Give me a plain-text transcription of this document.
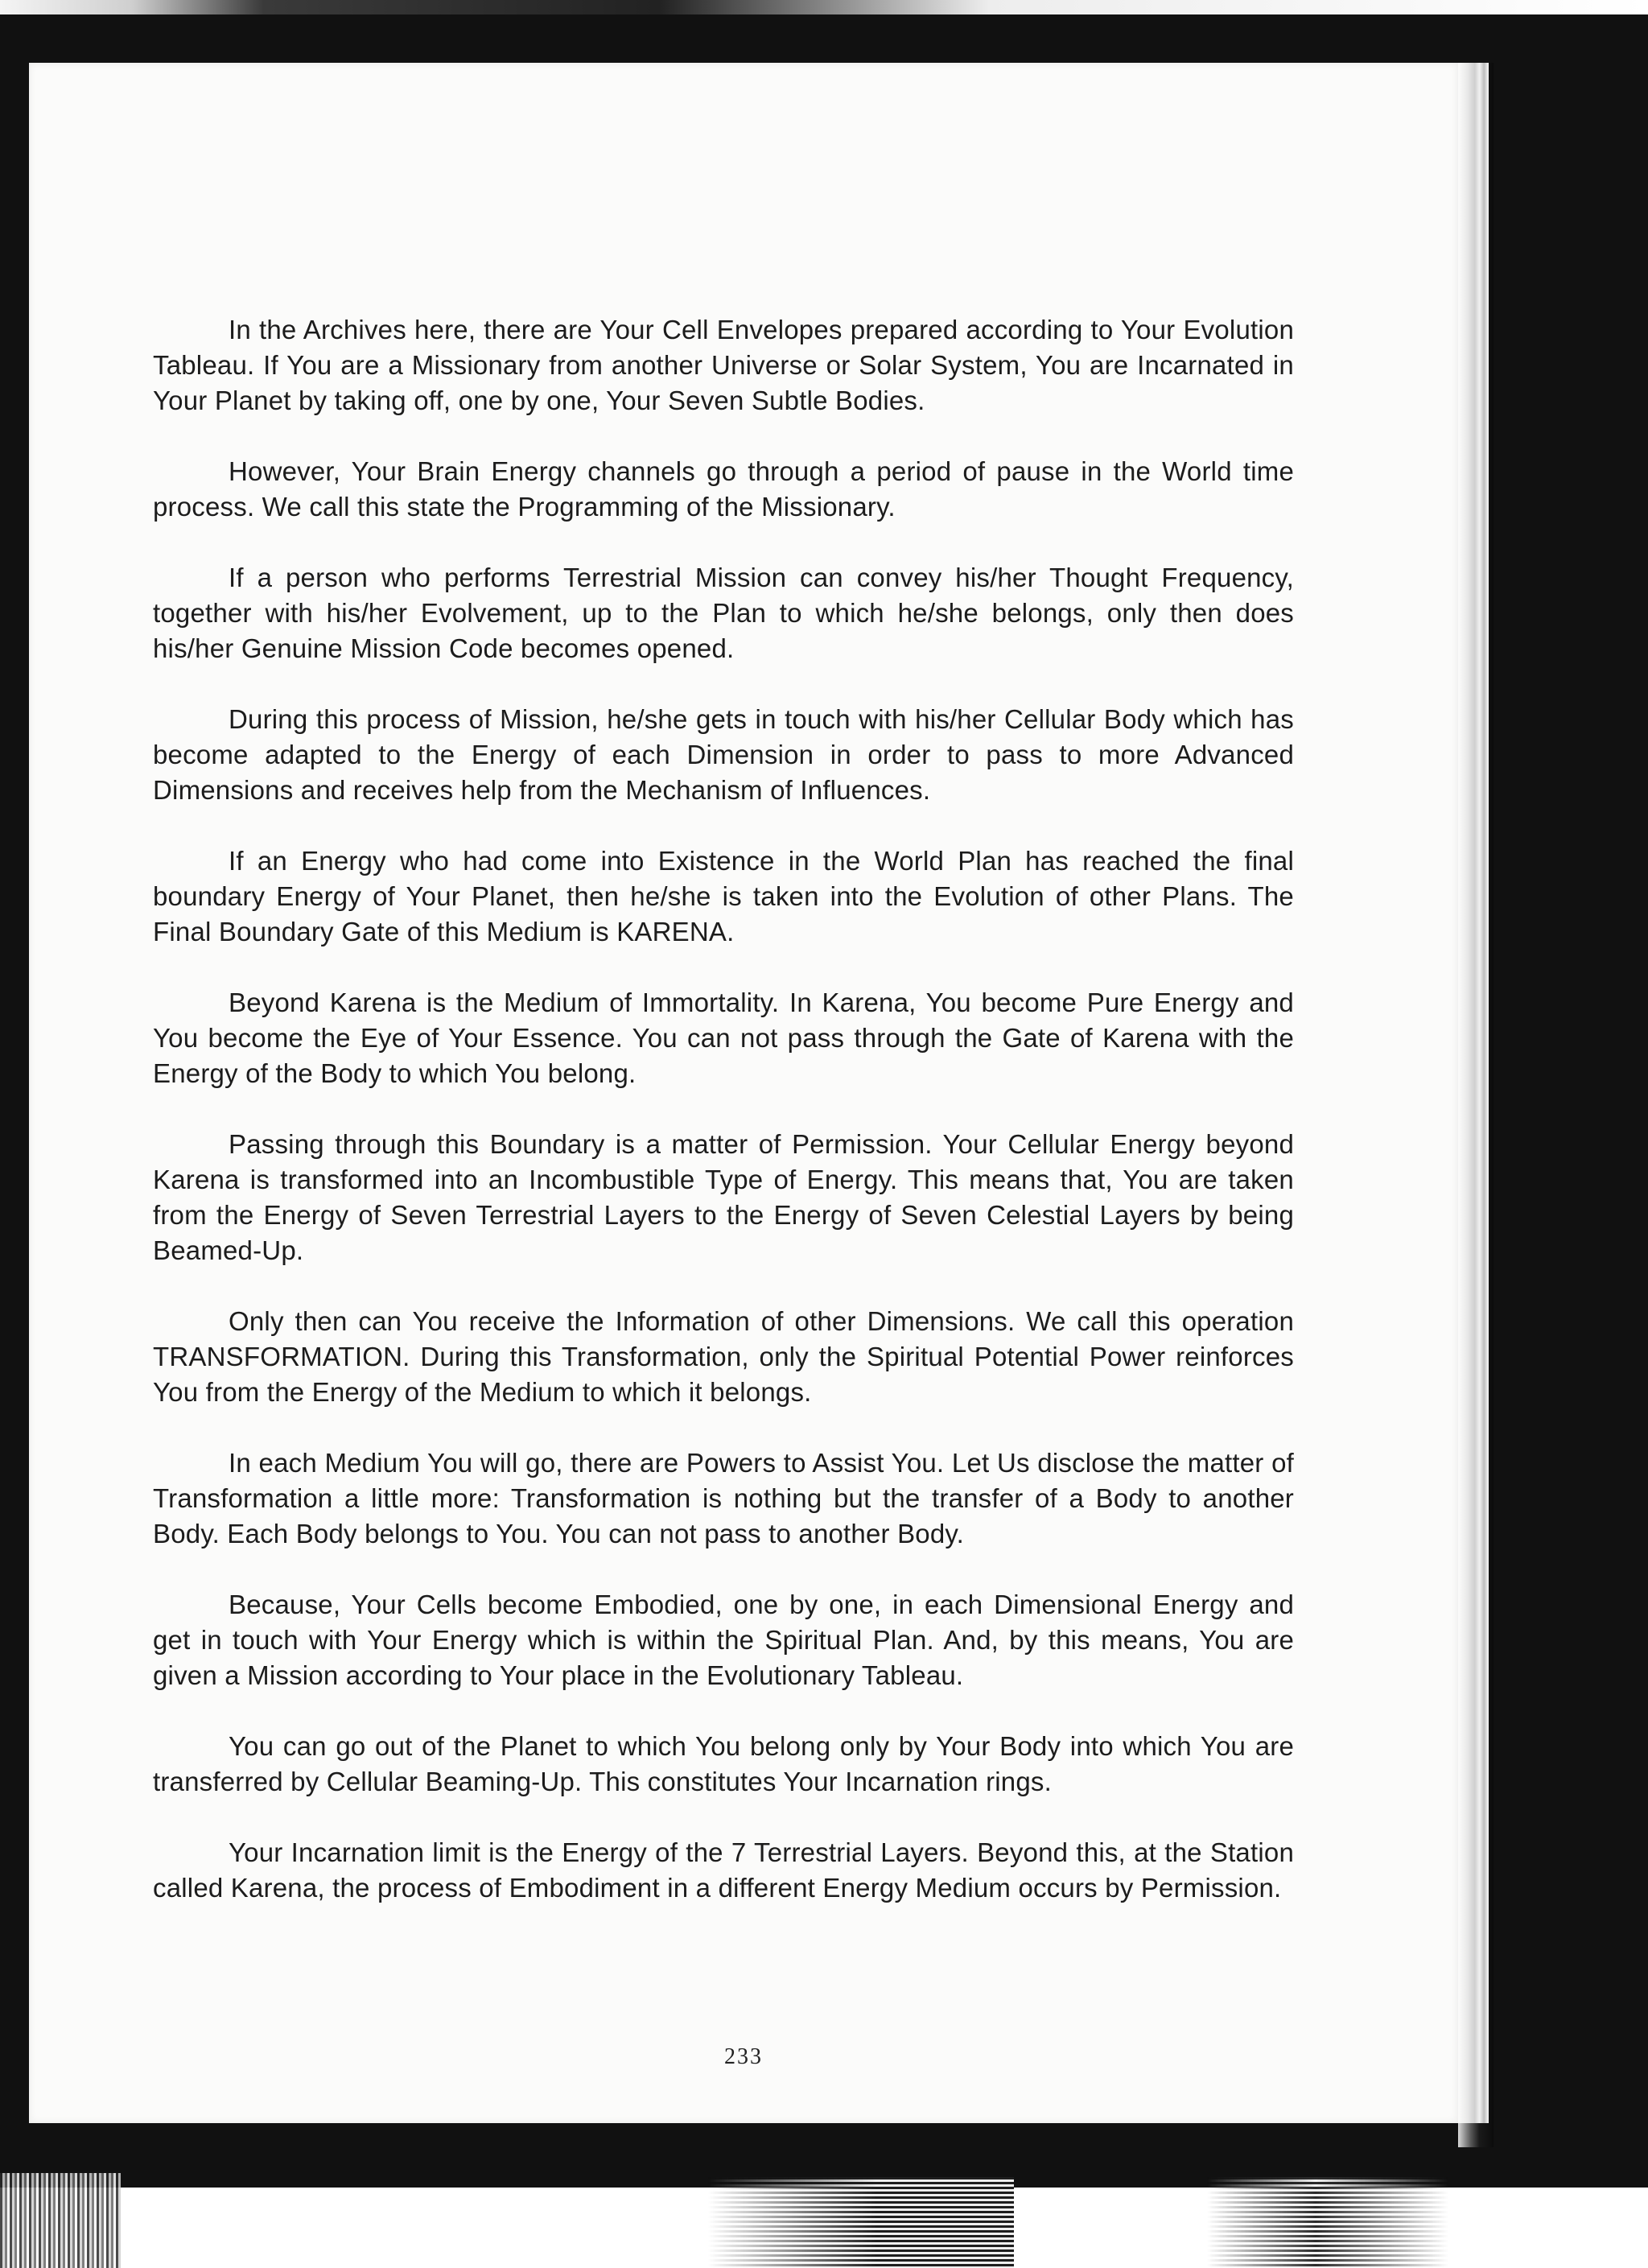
In the Archives here, there are Your Cell Envelopes prepared according to Your Evolution Tableau. If You are a Missionary from another Universe or Solar System, You are Incarnated in Your Planet by taking off, one by one, Your Seven Subtle Bodies.

However, Your Brain Energy channels go through a period of pause in the World time process. We call this state the Programming of the Missionary.

If a person who performs Terrestrial Mission can convey his/her Thought Frequency, together with his/her Evolvement, up to the Plan to which he/she belongs, only then does his/her Genuine Mission Code becomes opened.

During this process of Mission, he/she gets in touch with his/her Cellular Body which has become adapted to the Energy of each Dimension in order to pass to more Advanced Dimensions and receives help from the Mechanism of Influences.

If an Energy who had come into Existence in the World Plan has reached the final boundary Energy of Your Planet, then he/she is taken into the Evolution of other Plans. The Final Boundary Gate of this Medium is KARENA.

Beyond Karena is the Medium of Immortality. In Karena, You become Pure Energy and You become the Eye of Your Essence. You can not pass through the Gate of Karena with the Energy of the Body to which You belong.

Passing through this Boundary is a matter of Permission. Your Cellular Energy beyond Karena is transformed into an Incombustible Type of Energy. This means that, You are taken from the Energy of Seven Terrestrial Layers to the Energy of Seven Celestial Layers by being Beamed-Up.

Only then can You receive the Information of other Dimensions. We call this operation TRANSFORMATION. During this Transformation, only the Spiritual Potential Power reinforces You from the Energy of the Medium to which it belongs.

In each Medium You will go, there are Powers to Assist You. Let Us disclose the matter of Transformation a little more: Transformation is nothing but the transfer of a Body to another Body. Each Body belongs to You. You can not pass to another Body.

Because, Your Cells become Embodied, one by one, in each Dimensional Energy and get in touch with Your Energy which is within the Spiritual Plan. And, by this means, You are given a Mission according to Your place in the Evolutionary Tableau.

You can go out of the Planet to which You belong only by Your Body into which You are transferred by Cellular Beaming-Up. This constitutes Your Incarnation rings.

Your Incarnation limit is the Energy of the 7 Terrestrial Layers. Beyond this, at the Station called Karena, the process of Embodiment in a different Energy Medium occurs by Permission.

233
